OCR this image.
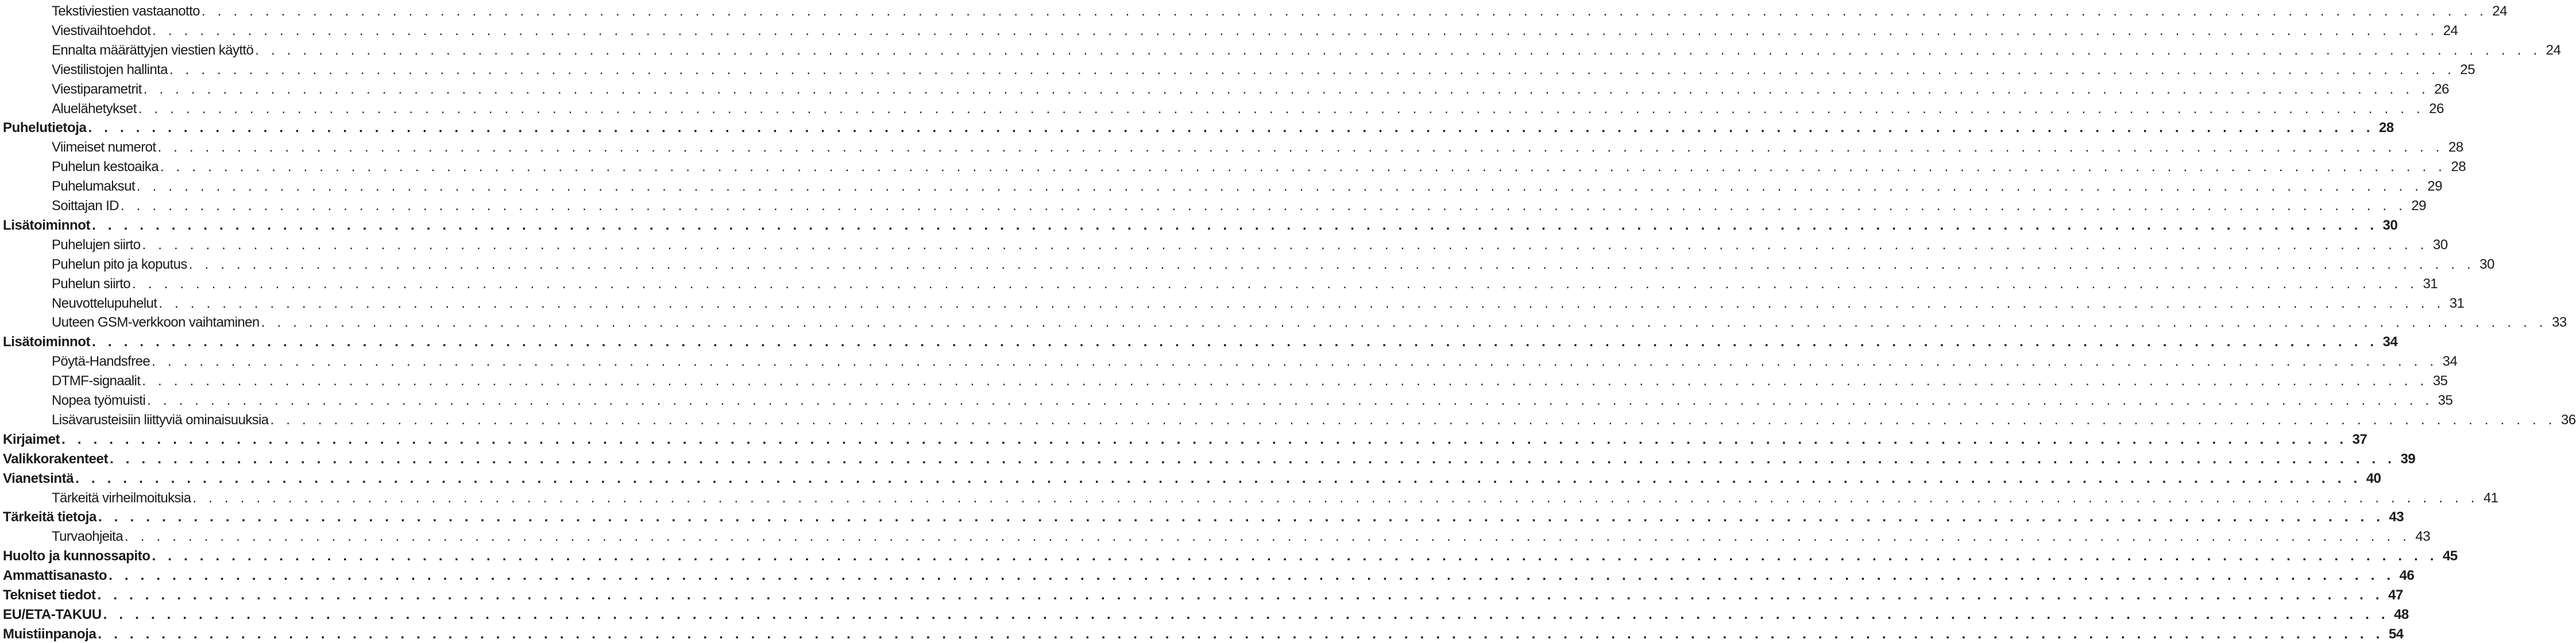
Tekstiviestien vastaanotto . . .	24
Viestivaihtoehdot . . .	24
Ennalta määrättyjen viestien käyttö . . .	24
Viestilistojen hallinta . . .	25
Viestiparametrit . . .	26
Aluelähetykset . . .	26
Puhelutietoja . . .	28
Viimeiset numerot . . .	28
Puhelun kestoaika . . .	28
Puhelumaksut . . .	29
Soittajan ID . . .	29
Lisätoiminnot . . .	30
Puhelujen siirto . . .	30
Puhelun pito ja koputus . . .	30
Puhelun siirto . . .	31
Neuvottelupuhelut . . .	31
Uuteen GSM-verkkoon vaihtaminen . . .	33
Lisätoiminnot . . .	34
Pöytä-Handsfree . . .	34
DTMF-signaalit . . .	35
Nopea työmuisti . . .	35
Lisävarusteisiin liittyviä ominaisuuksia . . .	36
Kirjaimet . . .	37
Valikkorakenteet . . .	39
Vianetsintä . . .	40
Tärkeitä virheilmoituksia . . .	41
Tärkeitä tietoja . . .	43
Turvaohjeita . . .	43
Huolto ja kunnossapito . . .	45
Ammattisanasto . . .	46
Tekniset tiedot . . .	47
EU/ETA-TAKUU . . .	48
Muistiinpanoja . . .	54
